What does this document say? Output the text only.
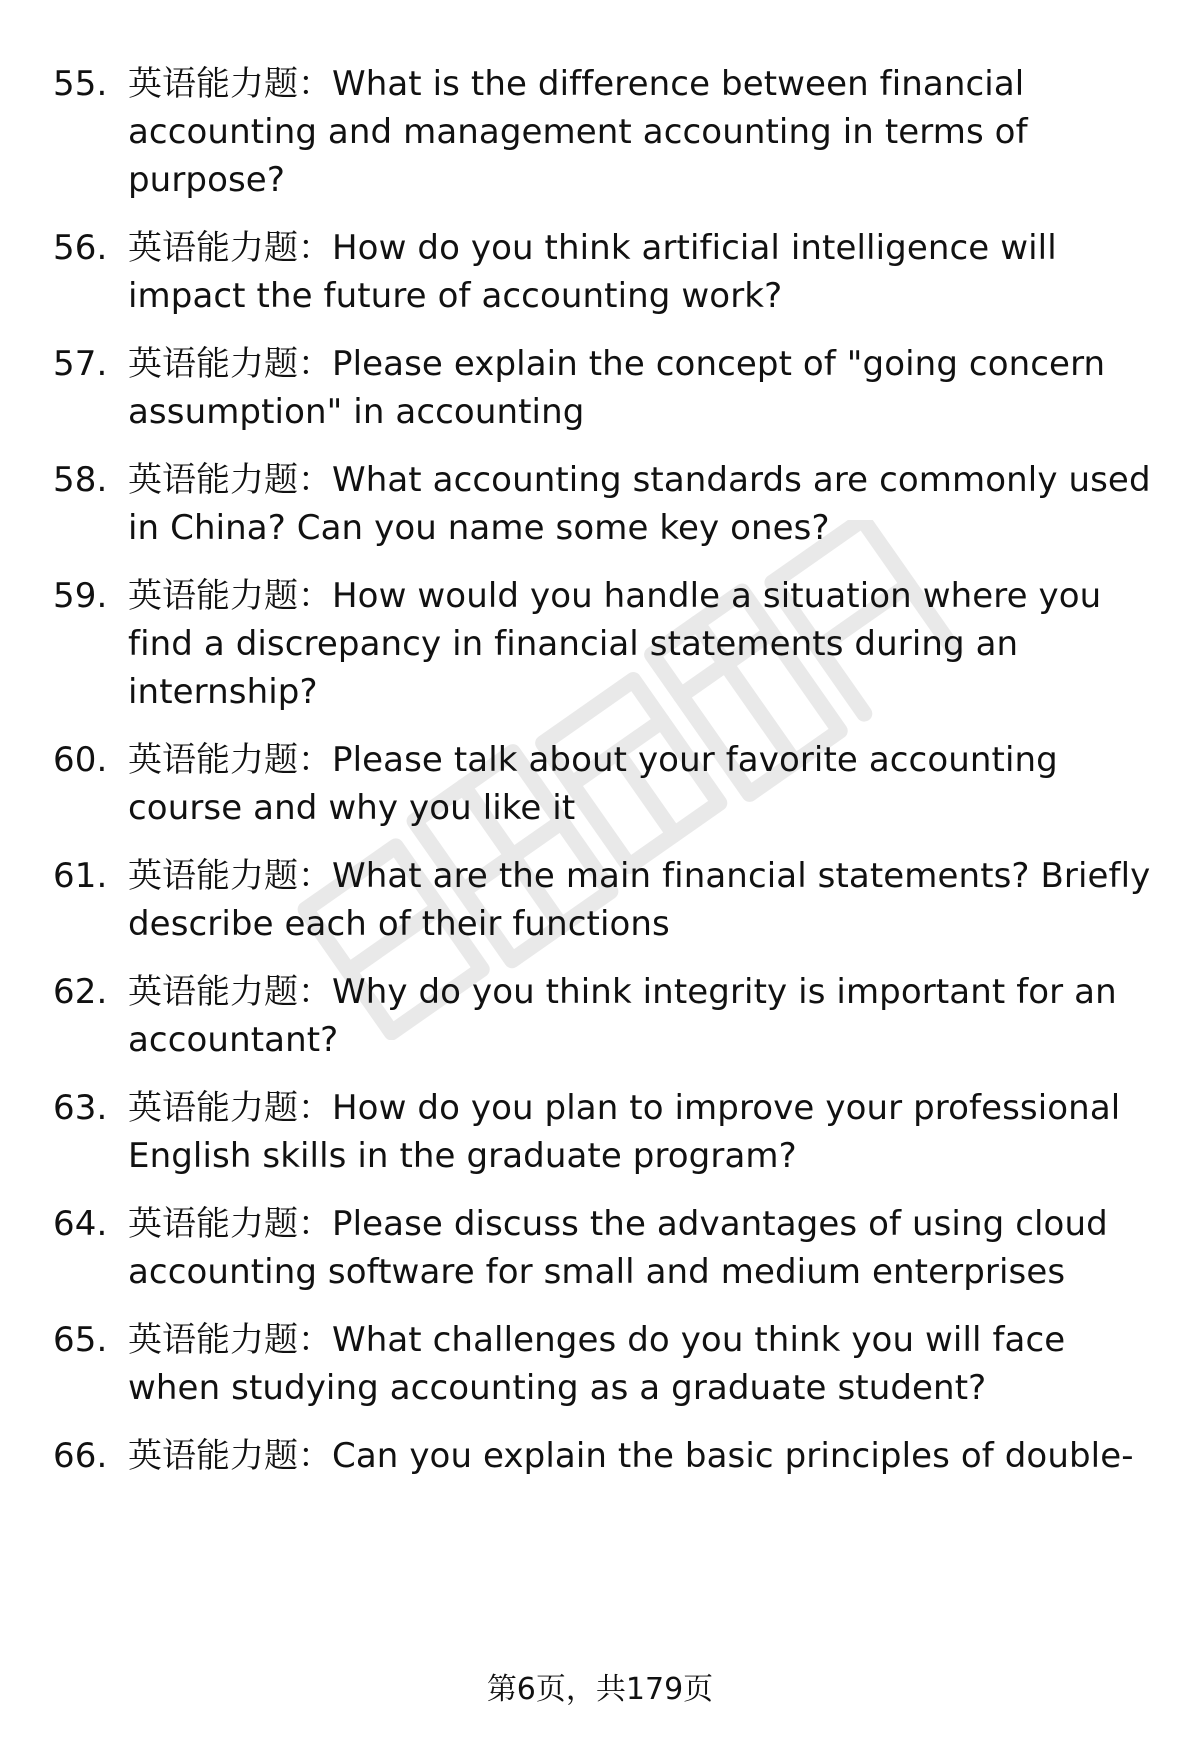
55. 英语能力题：What is the difference between financial accounting and management accounting in terms of purpose?
56. 英语能力题：How do you think artificial intelligence will impact the future of accounting work?
57. 英语能力题：Please explain the concept of "going concern assumption" in accounting
58. 英语能力题：What accounting standards are commonly used in China? Can you name some key ones?
59. 英语能力题：How would you handle a situation where you find a discrepancy in financial statements during an internship?
60. 英语能力题：Please talk about your favorite accounting course and why you like it
61. 英语能力题：What are the main financial statements? Briefly describe each of their functions
62. 英语能力题：Why do you think integrity is important for an accountant?
63. 英语能力题：How do you plan to improve your professional English skills in the graduate program?
64. 英语能力题：Please discuss the advantages of using cloud accounting software for small and medium enterprises
65. 英语能力题：What challenges do you think you will face when studying accounting as a graduate student?
66. 英语能力题：Can you explain the basic principles of double-
第6页，共179页
